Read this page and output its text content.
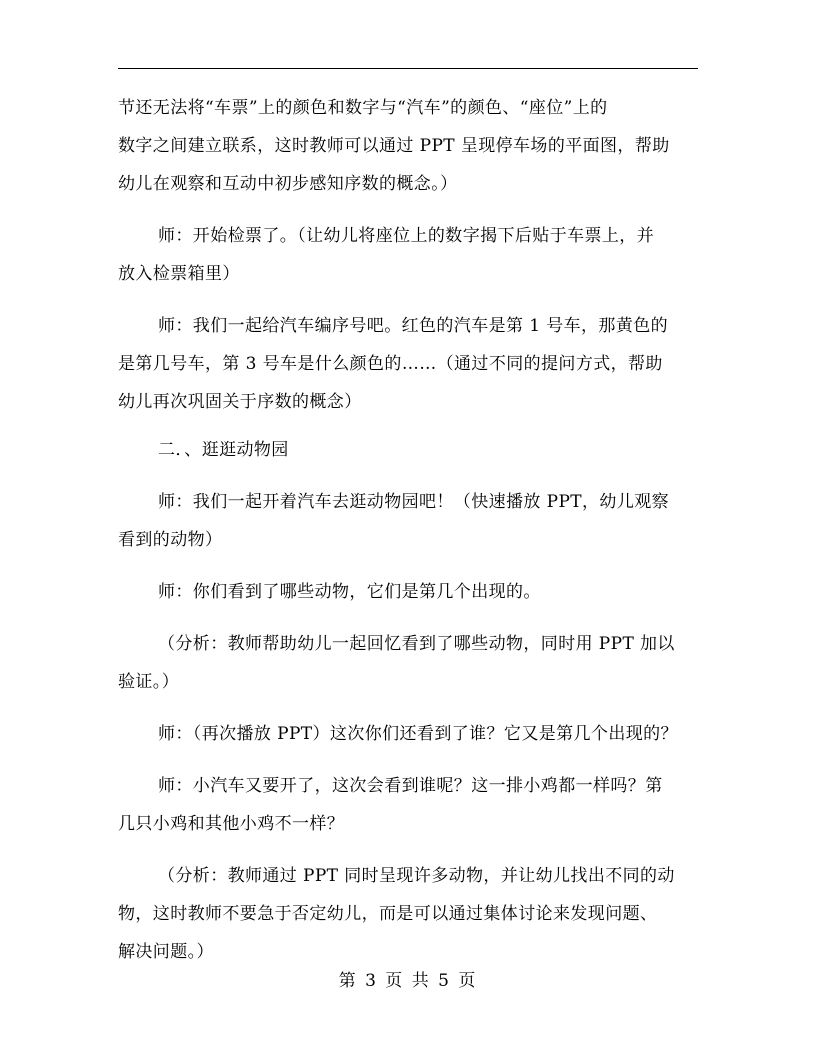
节还无法将“车票”上的颜色和数字与“汽车”的颜色、“座位”上的
数字之间建立联系，这时教师可以通过 PPT 呈现停车场的平面图，帮助
幼儿在观察和互动中初步感知序数的概念。）
师：开始检票了。（让幼儿将座位上的数字揭下后贴于车票上，并
放入检票箱里）
师：我们一起给汽车编序号吧。红色的汽车是第 1 号车，那黄色的
是第几号车，第 3 号车是什么颜色的……（通过不同的提问方式，帮助
幼儿再次巩固关于序数的概念）
二．、逛逛动物园
师：我们一起开着汽车去逛动物园吧！（快速播放 PPT，幼儿观察
看到的动物）
师：你们看到了哪些动物，它们是第几个出现的。
（分析：教师帮助幼儿一起回忆看到了哪些动物，同时用 PPT 加以
验证。）
师：（再次播放 PPT）这次你们还看到了谁？它又是第几个出现的？
师：小汽车又要开了，这次会看到谁呢？这一排小鸡都一样吗？第
几只小鸡和其他小鸡不一样？
（分析：教师通过 PPT 同时呈现许多动物，并让幼儿找出不同的动
物，这时教师不要急于否定幼儿，而是可以通过集体讨论来发现问题、
解决问题。）
第 3 页 共 5 页
